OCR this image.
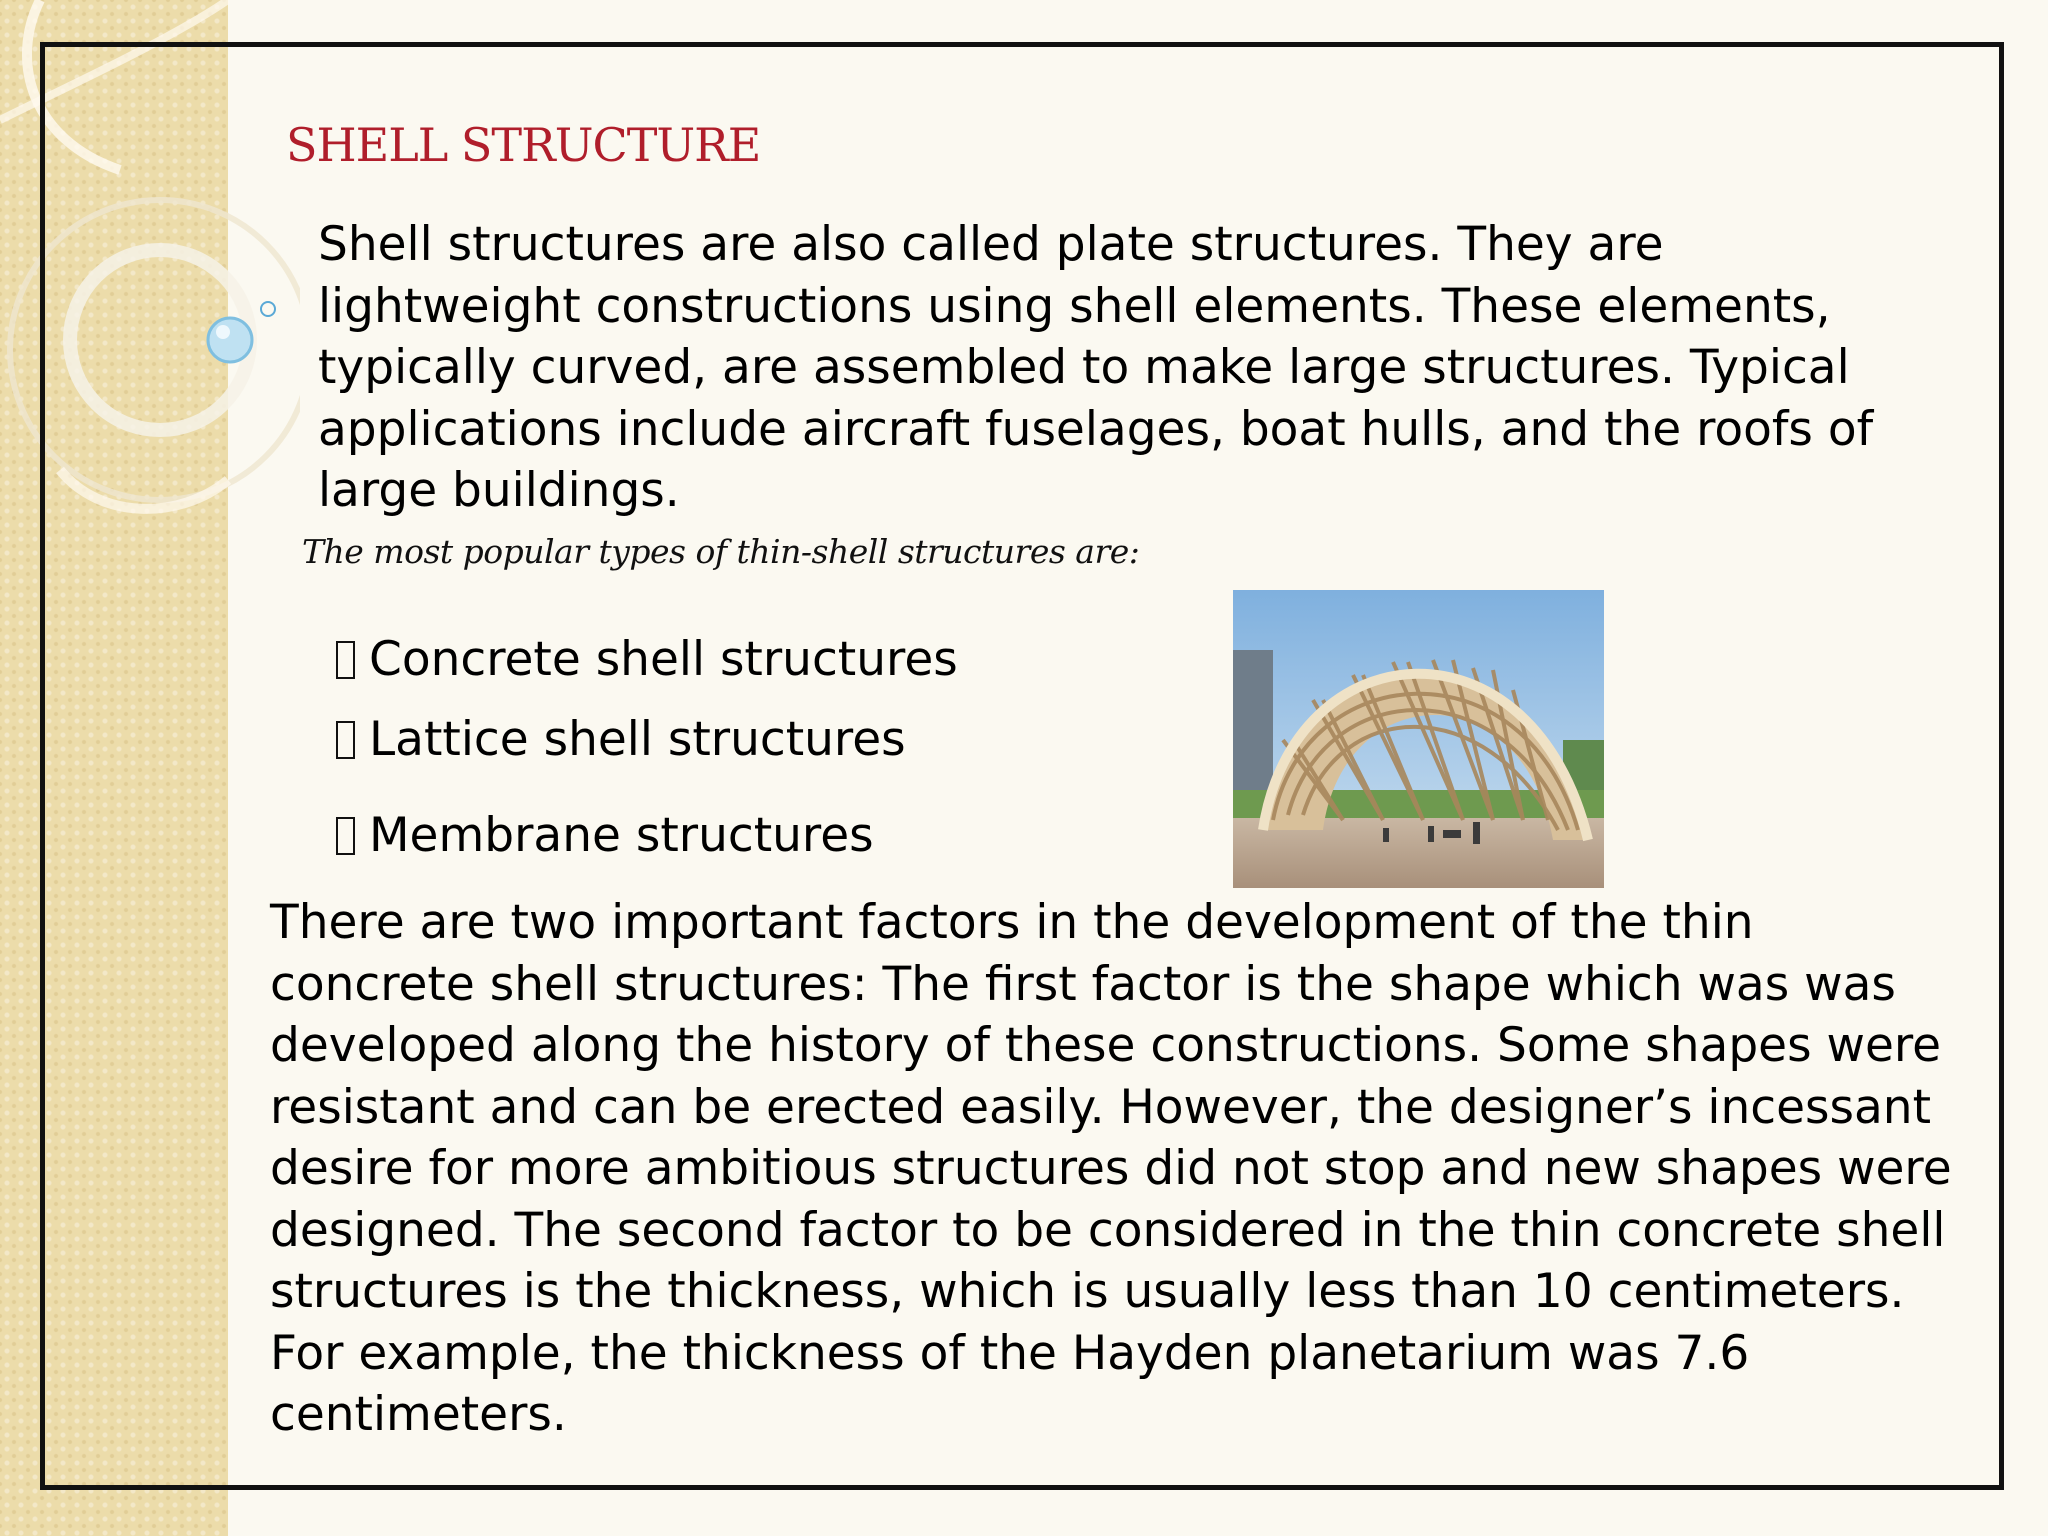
SHELL STRUCTURE

Shell structures are also called plate structures. They are lightweight constructions using shell elements. These elements, typically curved, are assembled to make large structures. Typical applications include aircraft fuselages, boat hulls, and the roofs of large buildings.

The most popular types of thin-shell structures are:
Concrete shell structures
Lattice shell structures
Membrane structures

There are two important factors in the development of the thin concrete shell structures: The first factor is the shape which was was developed along the history of these constructions. Some shapes were resistant and can be erected easily. However, the designer’s incessant desire for more ambitious structures did not stop and new shapes were designed. The second factor to be considered in the thin concrete shell structures is the thickness, which is usually less than 10 centimeters. For example, the thickness of the Hayden planetarium was 7.6 centimeters.
